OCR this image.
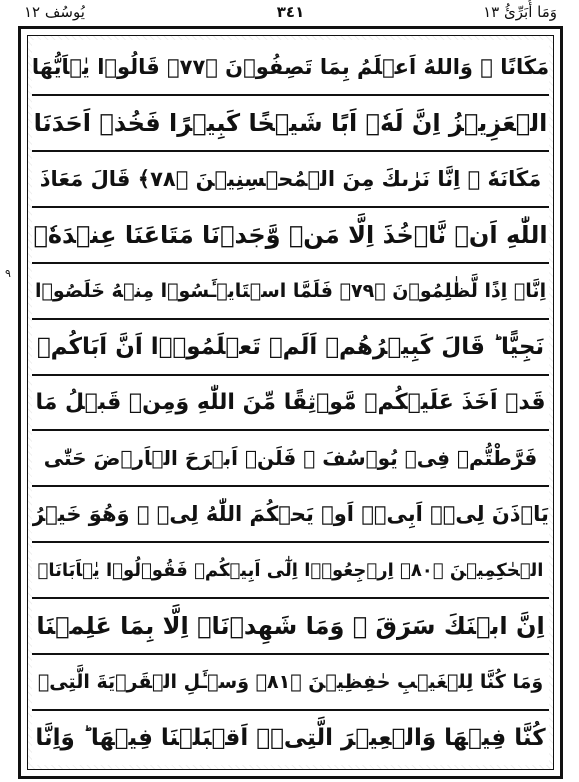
يُوسُف ١٢	٣٤١	وَمَا أُبَرِّئُ ١٣
٩
مَكَانًا ۚ وَاللهُ اَعۡلَمُ بِمَا تَصِفُوۡنَ ﴿٧٧﴾ قَالُوۡا يٰۤاَيُّهَا
الۡعَزِيۡزُ اِنَّ لَهٗۤ اَبًا شَيۡخًا كَبِيۡرًا فَخُذۡ اَحَدَنَا
مَكَانَهٗ ۚ اِنَّا نَرٰٮكَ مِنَ الۡمُحۡسِنِيۡنَ ﴿٧٨﴾ قَالَ مَعَاذَ
اللّٰهِ اَنۡ نَّاۡخُذَ اِلَّا مَنۡ وَّجَدۡنَا مَتَاعَنَا عِنۡدَهٗۤ
اِنَّاۤ اِذًا لَّظٰلِمُوۡنَ ﴿٧٩﴾ فَلَمَّا اسۡتَايۡـَٔسُوۡا مِنۡهُ خَلَصُوۡا
نَجِيًّا ؕ قَالَ كَبِيۡرُهُمۡ اَلَمۡ تَعۡلَمُوۡۤا اَنَّ اَبَاكُمۡ
قَدۡ اَخَذَ عَلَيۡكُمۡ مَّوۡثِقًا مِّنَ اللّٰهِ وَمِنۡ قَبۡلُ مَا
فَرَّطْتُّمۡ فِىۡ يُوۡسُفَ ۚ فَلَنۡ اَبۡرَحَ الۡاَرۡضَ حَتّٰى
يَاۡذَنَ لِىۡۤ اَبِىۡۤ اَوۡ يَحۡكُمَ اللّٰهُ لِىۡ ۚ وَهُوَ خَيۡرُ
الۡحٰكِمِيۡنَ ﴿٨٠﴾ اِرۡجِعُوۡۤا اِلٰٓى اَبِيۡكُمۡ فَقُوۡلُوۡا يٰۤاَبَانَاۤ
اِنَّ ابۡنَكَ سَرَقَ ۚ وَمَا شَهِدۡنَاۤ اِلَّا بِمَا عَلِمۡنَا
وَمَا كُنَّا لِلۡغَيۡبِ حٰفِظِيۡنَ ﴿٨١﴾ وَسۡـَٔلِ الۡقَرۡيَةَ الَّتِىۡ
كُنَّا فِيۡهَا وَالۡعِيۡرَ الَّتِىۡۤ اَقۡبَلۡنَا فِيۡهَا ؕ وَاِنَّا
